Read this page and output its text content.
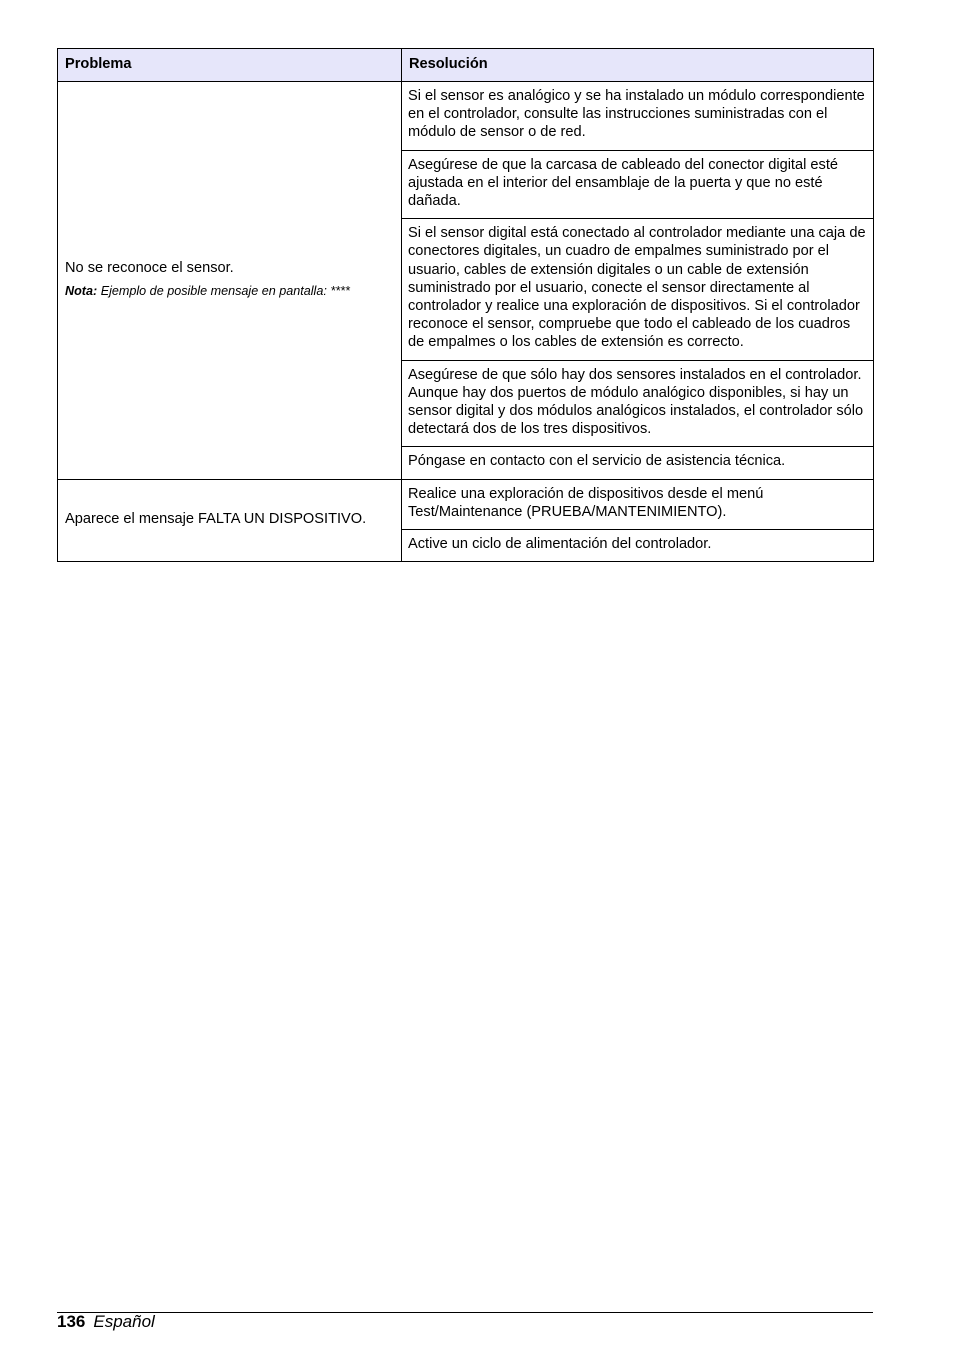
Problema	Resolución

No se reconoce el sensor.
Nota: Ejemplo de posible mensaje en pantalla: ****	Si el sensor es analógico y se ha instalado un módulo correspondiente en el controlador, consulte las instrucciones suministradas con el módulo de sensor o de red.
	Asegúrese de que la carcasa de cableado del conector digital esté ajustada en el interior del ensamblaje de la puerta y que no esté dañada.
	Si el sensor digital está conectado al controlador mediante una caja de conectores digitales, un cuadro de empalmes suministrado por el usuario, cables de extensión digitales o un cable de extensión suministrado por el usuario, conecte el sensor directamente al controlador y realice una exploración de dispositivos. Si el controlador reconoce el sensor, compruebe que todo el cableado de los cuadros de empalmes o los cables de extensión es correcto.
	Asegúrese de que sólo hay dos sensores instalados en el controlador. Aunque hay dos puertos de módulo analógico disponibles, si hay un sensor digital y dos módulos analógicos instalados, el controlador sólo detectará dos de los tres dispositivos.
	Póngase en contacto con el servicio de asistencia técnica.

Aparece el mensaje FALTA UN DISPOSITIVO.	Realice una exploración de dispositivos desde el menú Test/Maintenance (PRUEBA/MANTENIMIENTO).
	Active un ciclo de alimentación del controlador.
136 Español
